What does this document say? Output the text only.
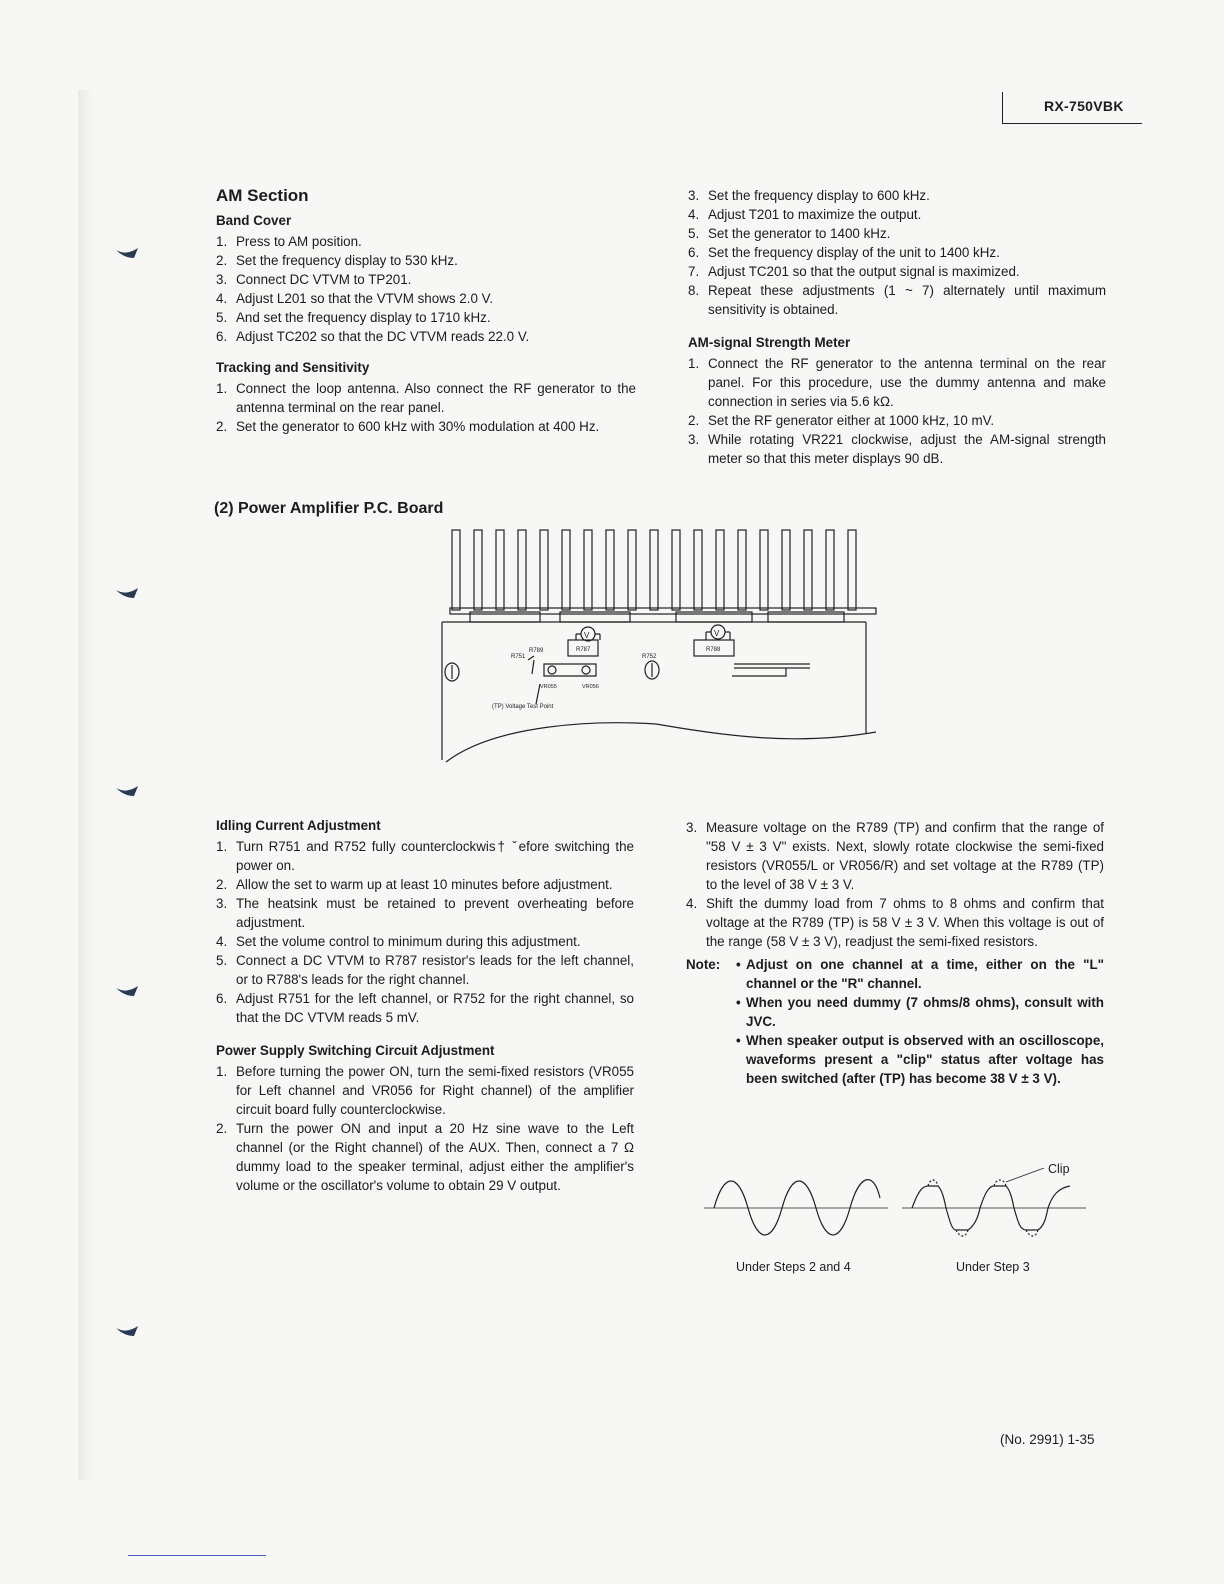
RX-750VBK
AM Section
Band Cover
1. Press to AM position.
2. Set the frequency display to 530 kHz.
3. Connect DC VTVM to TP201.
4. Adjust L201 so that the VTVM shows 2.0 V.
5. And set the frequency display to 1710 kHz.
6. Adjust TC202 so that the DC VTVM reads 22.0 V.
Tracking and Sensitivity
1. Connect the loop antenna. Also connect the RF generator to the antenna terminal on the rear panel.
2. Set the generator to 600 kHz with 30% modulation at 400 Hz.
3. Set the frequency display to 600 kHz.
4. Adjust T201 to maximize the output.
5. Set the generator to 1400 kHz.
6. Set the frequency display of the unit to 1400 kHz.
7. Adjust TC201 so that the output signal is maximized.
8. Repeat these adjustments (1 ~ 7) alternately until maximum sensitivity is obtained.
AM-signal Strength Meter
1. Connect the RF generator to the antenna terminal on the rear panel. For this procedure, use the dummy antenna and make connection in series via 5.6 kΩ.
2. Set the RF generator either at 1000 kHz, 10 mV.
3. While rotating VR221 clockwise, adjust the AM-signal strength meter so that this meter displays 90 dB.
(2) Power Amplifier P.C. Board
V
R787
R751
R789
VR055	VR056
R752
(TP) Voltage Test Point
V
R788
Idling Current Adjustment
1. Turn R751 and R752 fully counterclockwis† ˇefore switching the power on.
2. Allow the set to warm up at least 10 minutes before adjustment.
3. The heatsink must be retained to prevent overheating before adjustment.
4. Set the volume control to minimum during this adjustment.
5. Connect a DC VTVM to R787 resistor's leads for the left channel, or to R788's leads for the right channel.
6. Adjust R751 for the left channel, or R752 for the right channel, so that the DC VTVM reads 5 mV.
Power Supply Switching Circuit Adjustment
1. Before turning the power ON, turn the semi-fixed resistors (VR055 for Left channel and VR056 for Right channel) of the amplifier circuit board fully counterclockwise.
2. Turn the power ON and input a 20 Hz sine wave to the Left channel (or the Right channel) of the AUX. Then, connect a 7 Ω dummy load to the speaker terminal, adjust either the amplifier's volume or the oscillator's volume to obtain 29 V output.
3. Measure voltage on the R789 (TP) and confirm that the range of "58 V ± 3 V" exists. Next, slowly rotate clockwise the semi-fixed resistors (VR055/L or VR056/R) and set voltage at the R789 (TP) to the level of 38 V ± 3 V.
4. Shift the dummy load from 7 ohms to 8 ohms and confirm that voltage at the R789 (TP) is 58 V ± 3 V. When this voltage is out of the range (58 V ± 3 V), readjust the semi-fixed resistors.
Note: • Adjust on one channel at a time, either on the "L" channel or the "R" channel.
• When you need dummy (7 ohms/8 ohms), consult with JVC.
• When speaker output is observed with an oscilloscope, waveforms present a "clip" status after voltage has been switched (after (TP) has become 38 V ± 3 V).
Clip
Under Steps 2 and 4	Under Step 3
(No. 2991) 1-35
